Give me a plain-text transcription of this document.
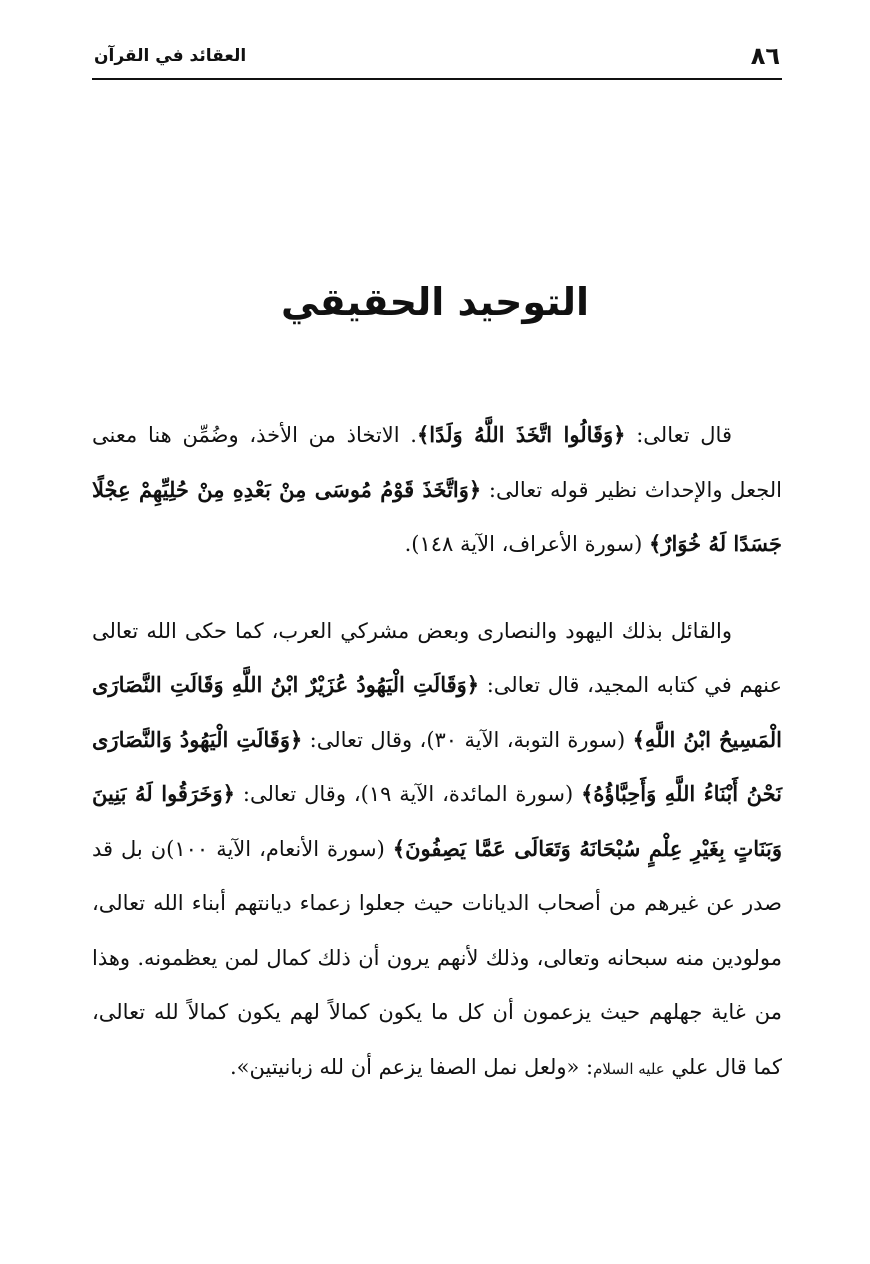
٨٦
العقائد في القرآن
التوحيد الحقيقي

قال تعالى: ﴿وَقَالُوا اتَّخَذَ اللَّهُ وَلَدًا﴾. الاتخاذ من الأخذ، وضُمِّن هنا معنى الجعل والإحداث نظير قوله تعالى: ﴿وَاتَّخَذَ قَوْمُ مُوسَى مِنْ بَعْدِهِ مِنْ حُلِيِّهِمْ عِجْلًا جَسَدًا لَهُ خُوَارٌ﴾ (سورة الأعراف، الآية ١٤٨).

والقائل بذلك اليهود والنصارى وبعض مشركي العرب، كما حكى الله تعالى عنهم في كتابه المجيد، قال تعالى: ﴿وَقَالَتِ الْيَهُودُ عُزَيْرٌ ابْنُ اللَّهِ وَقَالَتِ النَّصَارَى الْمَسِيحُ ابْنُ اللَّهِ﴾ (سورة التوبة، الآية ٣٠)، وقال تعالى: ﴿وَقَالَتِ الْيَهُودُ وَالنَّصَارَى نَحْنُ أَبْنَاءُ اللَّهِ وَأَحِبَّاؤُهُ﴾ (سورة المائدة، الآية ١٩)، وقال تعالى: ﴿وَخَرَقُوا لَهُ بَنِينَ وَبَنَاتٍ بِغَيْرِ عِلْمٍ سُبْحَانَهُ وَتَعَالَى عَمَّا يَصِفُونَ﴾ (سورة الأنعام، الآية ١٠٠)ن بل قد صدر عن غيرهم من أصحاب الديانات حيث جعلوا زعماء ديانتهم أبناء الله تعالى، مولودين منه سبحانه وتعالى، وذلك لأنهم يرون أن ذلك كمال لمن يعظمونه. وهذا من غاية جهلهم حيث يزعمون أن كل ما يكون كمالاً لهم يكون كمالاً لله تعالى، كما قال علي عليه السلام: «ولعل نمل الصفا يزعم أن لله زبانيتين».
